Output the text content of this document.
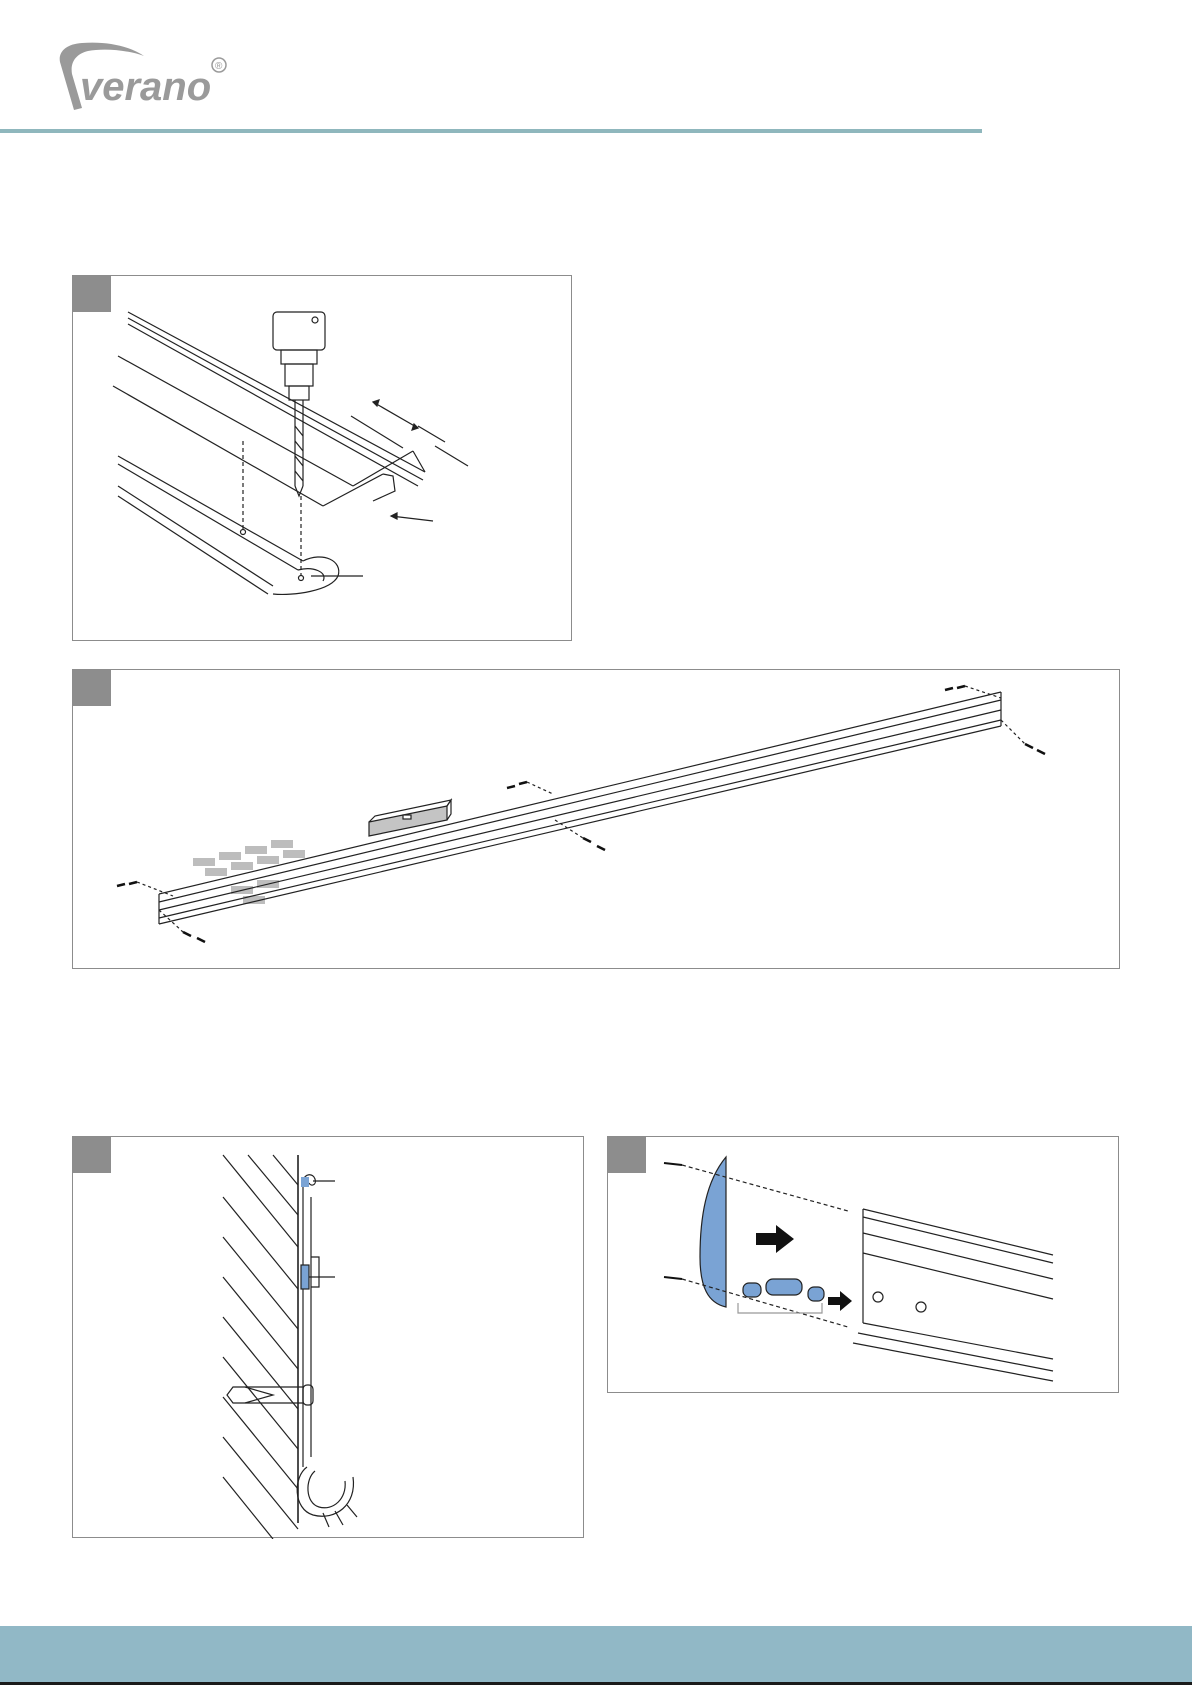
verano ®
